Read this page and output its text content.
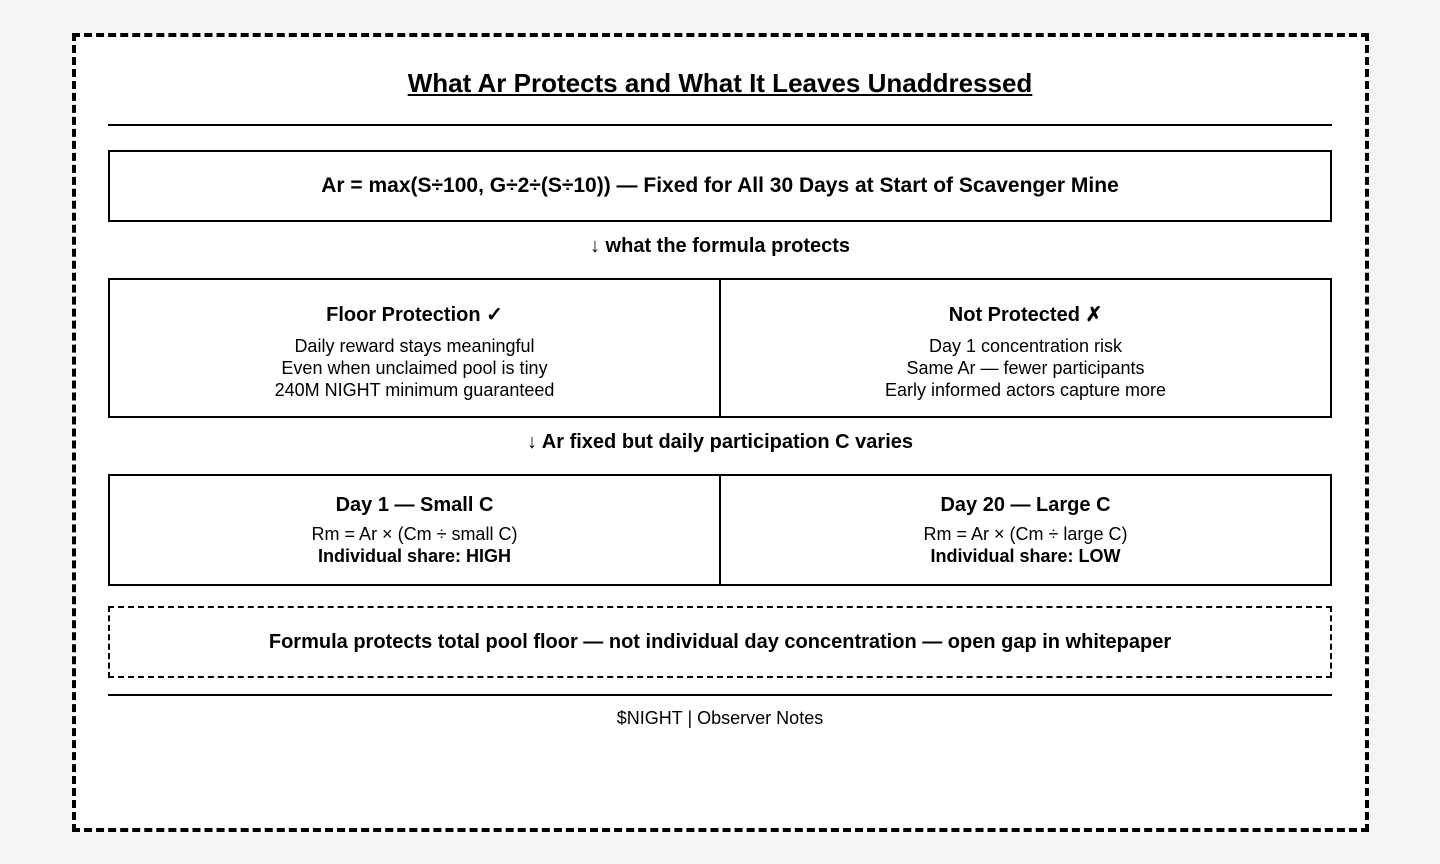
What Ar Protects and What It Leaves Unaddressed
Ar = max(S÷100, G÷2÷(S÷10)) — Fixed for All 30 Days at Start of Scavenger Mine
↓ what the formula protects
Floor Protection ✓

Daily reward stays meaningful

Even when unclaimed pool is tiny

240M NIGHT minimum guaranteed

Not Protected ✗

Day 1 concentration risk

Same Ar — fewer participants

Early informed actors capture more

↓ Ar fixed but daily participation C varies
Day 1 — Small C

Rm = Ar × (Cm ÷ small C)

Individual share: HIGH

Day 20 — Large C

Rm = Ar × (Cm ÷ large C)

Individual share: LOW

Formula protects total pool floor — not individual day concentration — open gap in whitepaper
$NIGHT | Observer Notes
